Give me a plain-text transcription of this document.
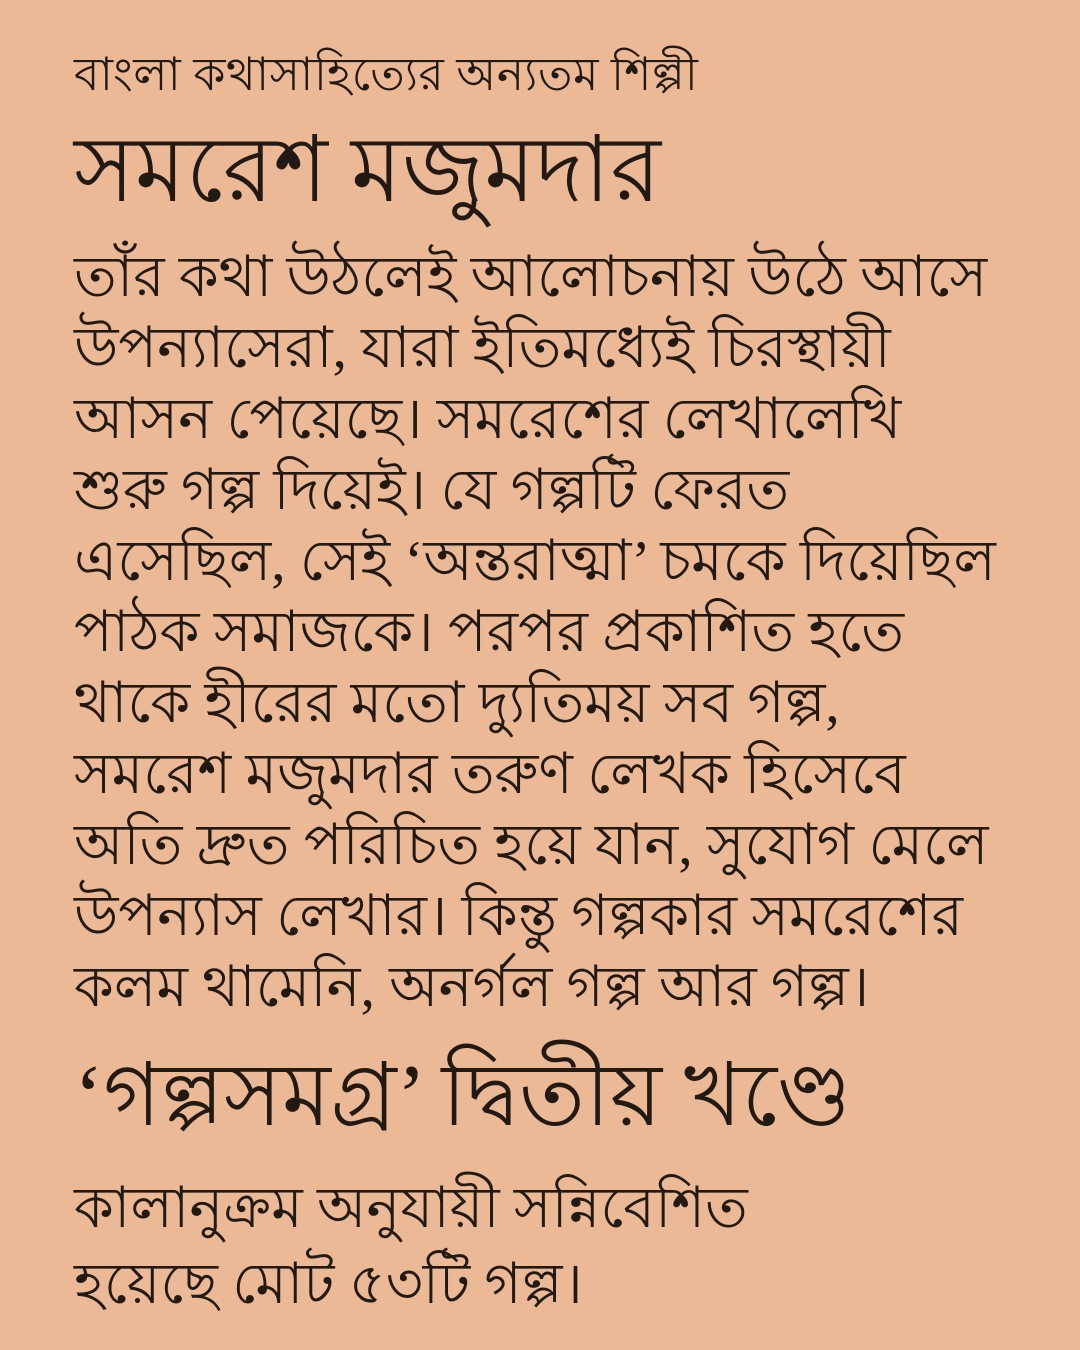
বাংলা কথাসাহিত্যের অন্যতম শিল্পী
সমরেশ মজুমদার
তাঁর কথা উঠলেই আলোচনায় উঠে আসে
উপন্যাসেরা, যারা ইতিমধ্যেই চিরস্থায়ী
আসন পেয়েছে। সমরেশের লেখালেখি
শুরু গল্প দিয়েই। যে গল্পটি ফেরত
এসেছিল, সেই ‘অন্তরাত্মা’ চমকে দিয়েছিল
পাঠক সমাজকে। পরপর প্রকাশিত হতে
থাকে হীরের মতো দ্যুতিময় সব গল্প,
সমরেশ মজুমদার তরুণ লেখক হিসেবে
অতি দ্রুত পরিচিত হয়ে যান, সুযোগ মেলে
উপন্যাস লেখার। কিন্তু গল্পকার সমরেশের
কলম থামেনি, অনর্গল গল্প আর গল্প।
‘গল্পসমগ্র’ দ্বিতীয় খণ্ডে
কালানুক্রম অনুযায়ী সন্নিবেশিত
হয়েছে মোট ৫৩টি গল্প।
